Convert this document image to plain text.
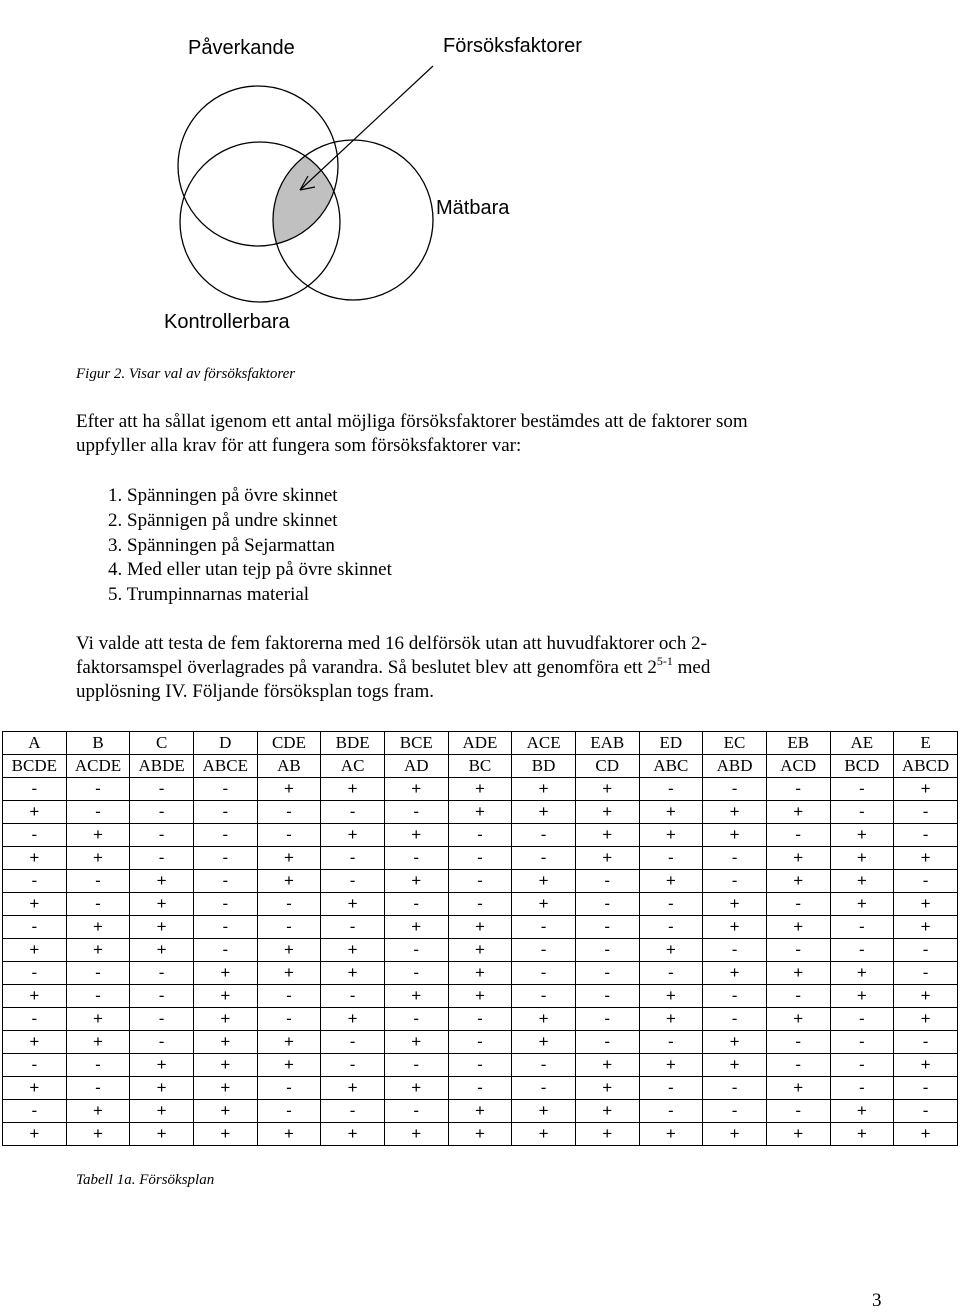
Påverkande	Försöksfaktorer
Mätbara
Kontrollerbara
Figur 2. Visar val av försöksfaktorer
Efter att ha sållat igenom ett antal möjliga försöksfaktorer bestämdes att de faktorer som
uppfyller alla krav för att fungera som försöksfaktorer var:
1. Spänningen på övre skinnet
2. Spännigen på undre skinnet
3. Spänningen på Sejarmattan
4. Med eller utan tejp på övre skinnet
5. Trumpinnarnas material
Vi valde att testa de fem faktorerna med 16 delförsök utan att huvudfaktorer och 2-
faktorsamspel överlagrades på varandra. Så beslutet blev att genomföra ett 2$^{5-1}$ med
upplösning IV. Följande försöksplan togs fram.
A	B	C	D	CDE	BDE	BCE	ADE	ACE	EAB	ED	EC	EB	AE	E
BCDE	ACDE	ABDE	ABCE	AB	AC	AD	BC	BD	CD	ABC	ABD	ACD	BCD	ABCD
-	-	-	-	+	+	+	+	+	+	-	-	-	-	+
+	-	-	-	-	-	-	+	+	+	+	+	+	-	-
-	+	-	-	-	+	+	-	-	+	+	+	-	+	-
+	+	-	-	+	-	-	-	-	+	-	-	+	+	+
-	-	+	-	+	-	+	-	+	-	+	-	+	+	-
+	-	+	-	-	+	-	-	+	-	-	+	-	+	+
-	+	+	-	-	-	+	+	-	-	-	+	+	-	+
+	+	+	-	+	+	-	+	-	-	+	-	-	-	-
-	-	-	+	+	+	-	+	-	-	-	+	+	+	-
+	-	-	+	-	-	+	+	-	-	+	-	-	+	+
-	+	-	+	-	+	-	-	+	-	+	-	+	-	+
+	+	-	+	+	-	+	-	+	-	-	+	-	-	-
-	-	+	+	+	-	-	-	-	+	+	+	-	-	+
+	-	+	+	-	+	+	-	-	+	-	-	+	-	-
-	+	+	+	-	-	-	+	+	+	-	-	-	+	-
+	+	+	+	+	+	+	+	+	+	+	+	+	+	+
Tabell 1a. Försöksplan
3
